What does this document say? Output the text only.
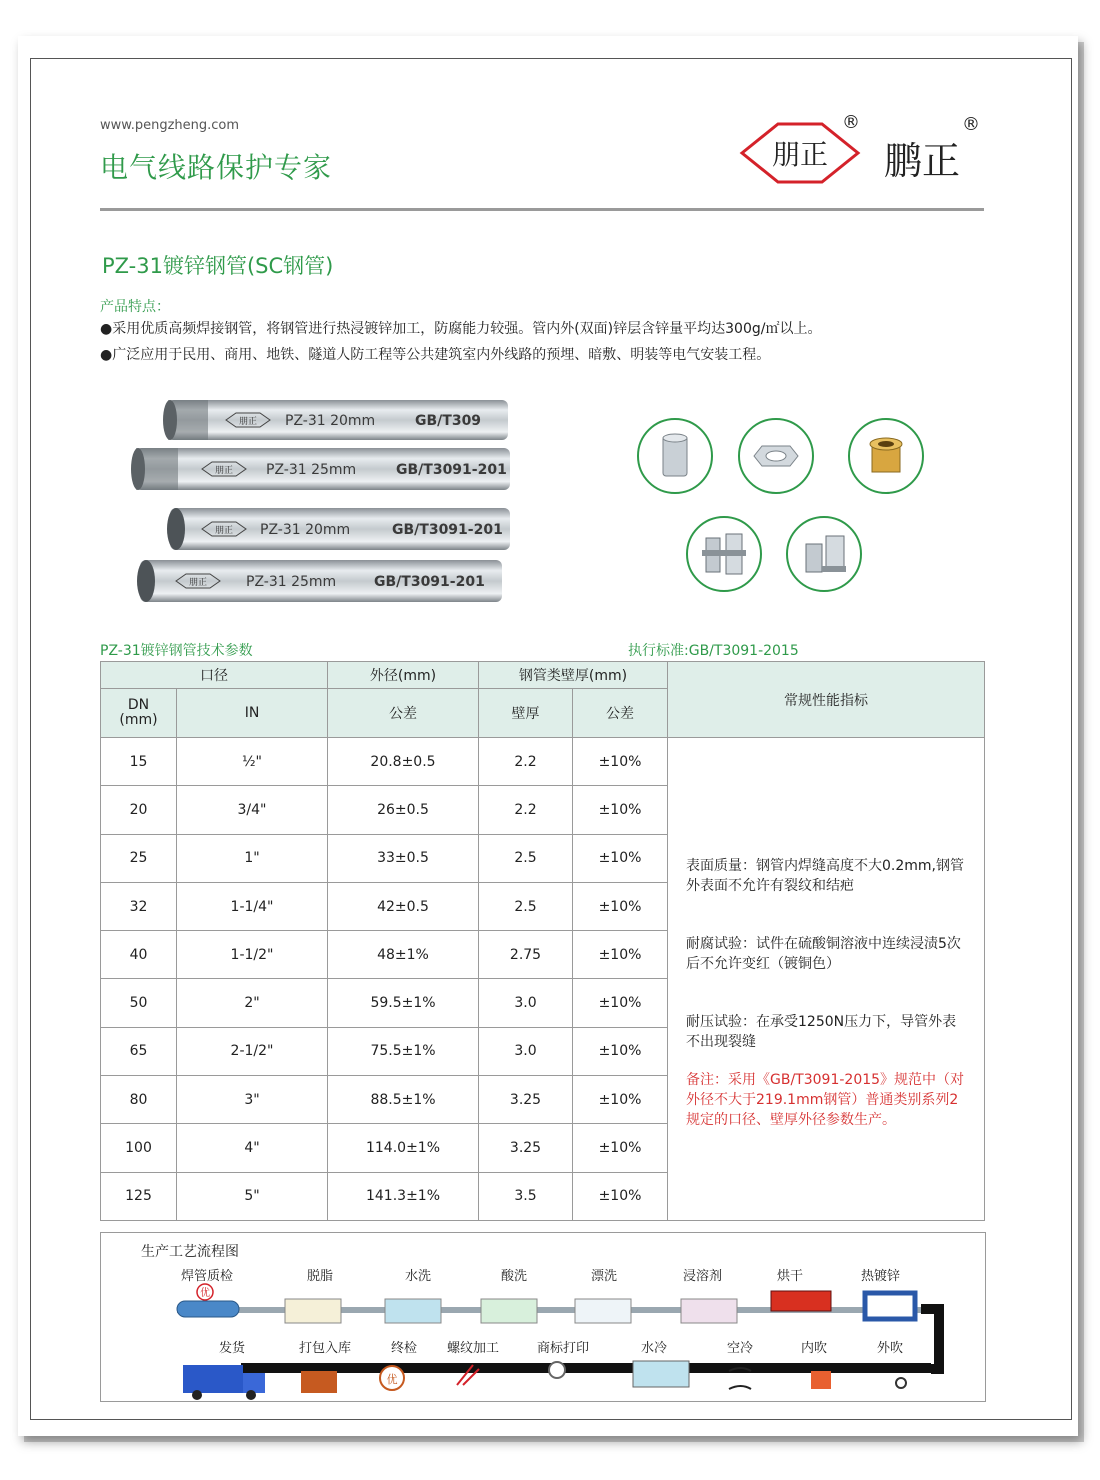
www.pengzheng.com
电气线路保护专家	朋正
®
鹏正
®
PZ-31镀锌钢管(SC钢管)
产品特点：
●采用优质高频焊接钢管，将钢管进行热浸镀锌加工，防腐能力较强。管内外(双面)锌层含锌量平均达300g/㎡以上。
●广泛应用于民用、商用、地铁、隧道人防工程等公共建筑室内外线路的预埋、暗敷、明装等电气安装工程。
朋正 PZ-31 20mm	GB/T309
朋正 PZ-31 25mm	GB/T3091-201
朋正 PZ-31 20mm	GB/T3091-201
朋正	PZ-31 25mm	GB/T3091-201
PZ-31镀锌钢管技术参数	执行标准:GB/T3091-2015
口径		外径(mm)	钢管类壁厚(mm)		常规性能指标
DN
(mm)	IN	公差	壁厚	公差	
15	½"	20.8±0.5	2.2	±10%	表面质量：钢管内焊缝高度不大0.2mm,钢管外表面不允许有裂纹和结疤

耐腐试验：试件在硫酸铜溶液中连续浸渍5次后不允许变红（镀铜色）

耐压试验：在承受1250N压力下，导管外表不出现裂缝

备注：采用《GB/T3091-2015》规范中（对外径不大于219.1mm钢管）普通类别系列2规定的口径、壁厚外径参数生产。

20	3/4"	26±0.5	2.2	±10%	
25	1"	33±0.5	2.5	±10%	
32	1-1/4"	42±0.5	2.5	±10%	
40	1-1/2"	48±1%	2.75	±10%	
50	2"	59.5±1%	3.0	±10%	
65	2-1/2"	75.5±1%	3.0	±10%	
80	3"	88.5±1%	3.25	±10%	
100	4"	114.0±1%	3.25	±10%	
125	5"	141.3±1%	3.5	±10%	
生产工艺流程图
焊管质检	脱脂	水洗	酸洗	漂洗	浸溶剂	烘干	热镀锌
优
优
发货	打包入库	终检 螺纹加工	商标打印	水冷	空冷	内吹	外吹
